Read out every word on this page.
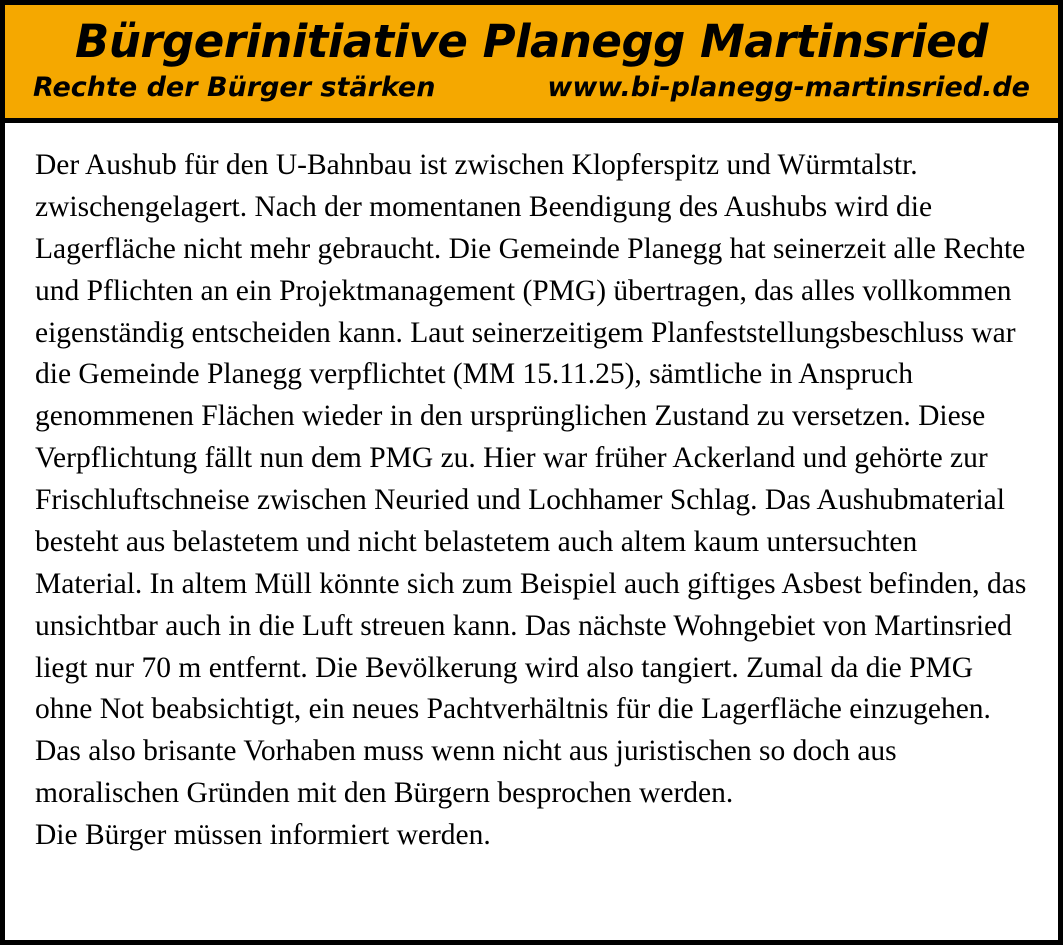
Bürgerinitiative Planegg Martinsried
Rechte der Bürger stärken	www.bi-planegg-martinsried.de

Der Aushub für den U-Bahnbau ist zwischen Klopferspitz und Würmtalstr. zwischengelagert. Nach der momentanen Beendigung des Aushubs wird die Lagerfläche nicht mehr gebraucht. Die Gemeinde Planegg hat seinerzeit alle Rechte und Pflichten an ein Projektmanagement (PMG) übertragen, das alles vollkommen eigenständig entscheiden kann. Laut seinerzeitigem Planfeststellungsbeschluss war die Gemeinde Planegg verpflichtet (MM 15.11.25), sämtliche in Anspruch genommenen Flächen wieder in den ursprünglichen Zustand zu versetzen. Diese Verpflichtung fällt nun dem PMG zu. Hier war früher Ackerland und gehörte zur Frischluftschneise zwischen Neuried und Lochhamer Schlag. Das Aushubmaterial besteht aus belastetem und nicht belastetem auch altem kaum untersuchten Material. In altem Müll könnte sich zum Beispiel auch giftiges Asbest befinden, das unsichtbar auch in die Luft streuen kann. Das nächste Wohngebiet von Martinsried liegt nur 70 m entfernt. Die Bevölkerung wird also tangiert. Zumal da die PMG ohne Not beabsichtigt, ein neues Pachtverhältnis für die Lagerfläche einzugehen. Das also brisante Vorhaben muss wenn nicht aus juristischen so doch aus moralischen Gründen mit den Bürgern besprochen werden.

Die Bürger müssen informiert werden.
